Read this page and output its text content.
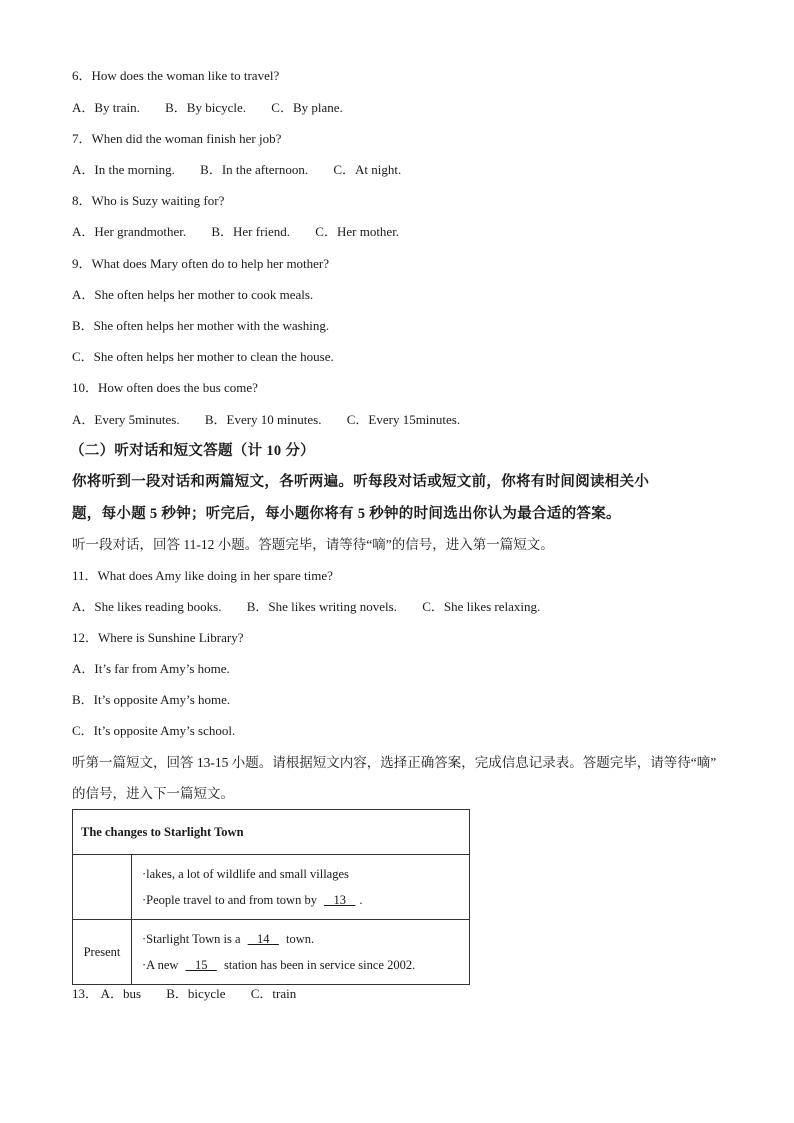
6．How does the woman like to travel?
A．By train. B．By bicycle. C．By plane.
7．When did the woman finish her job?
A．In the morning. B．In the afternoon. C．At night.
8．Who is Suzy waiting for?
A．Her grandmother. B．Her friend. C．Her mother.
9．What does Mary often do to help her mother?
A．She often helps her mother to cook meals.
B．She often helps her mother with the washing.
C．She often helps her mother to clean the house.
10．How often does the bus come?
A．Every 5minutes. B．Every 10 minutes. C．Every 15minutes.
（二）听对话和短文答题（计 10 分）
你将听到一段对话和两篇短文，各听两遍。听每段对话或短文前，你将有时间阅读相关小
题，每小题 5 秒钟；听完后，每小题你将有 5 秒钟的时间选出你认为最合适的答案。
听一段对话，回答 11-12 小题。答题完毕，请等待“嘀”的信号，进入第一篇短文。
11．What does Amy like doing in her spare time?
A．She likes reading books. B．She likes writing novels. C．She likes relaxing.
12．Where is Sunshine Library?
A．It’s far from Amy’s home.
B．It’s opposite Amy’s home.
C．It’s opposite Amy’s school.
听第一篇短文，回答 13-15 小题。请根据短文内容，选择正确答案，完成信息记录表。答题完毕，请等待“嘀”
的信号，进入下一篇短文。
The changes to Starlight Town	

	·lakes, a lot of wildlife and small villages
·People travel to and from town by 13 .

Present	·Starlight Town is a 14 town.
·A new 15 station has been in service since 2002.
13． A．bus B．bicycle C．train
